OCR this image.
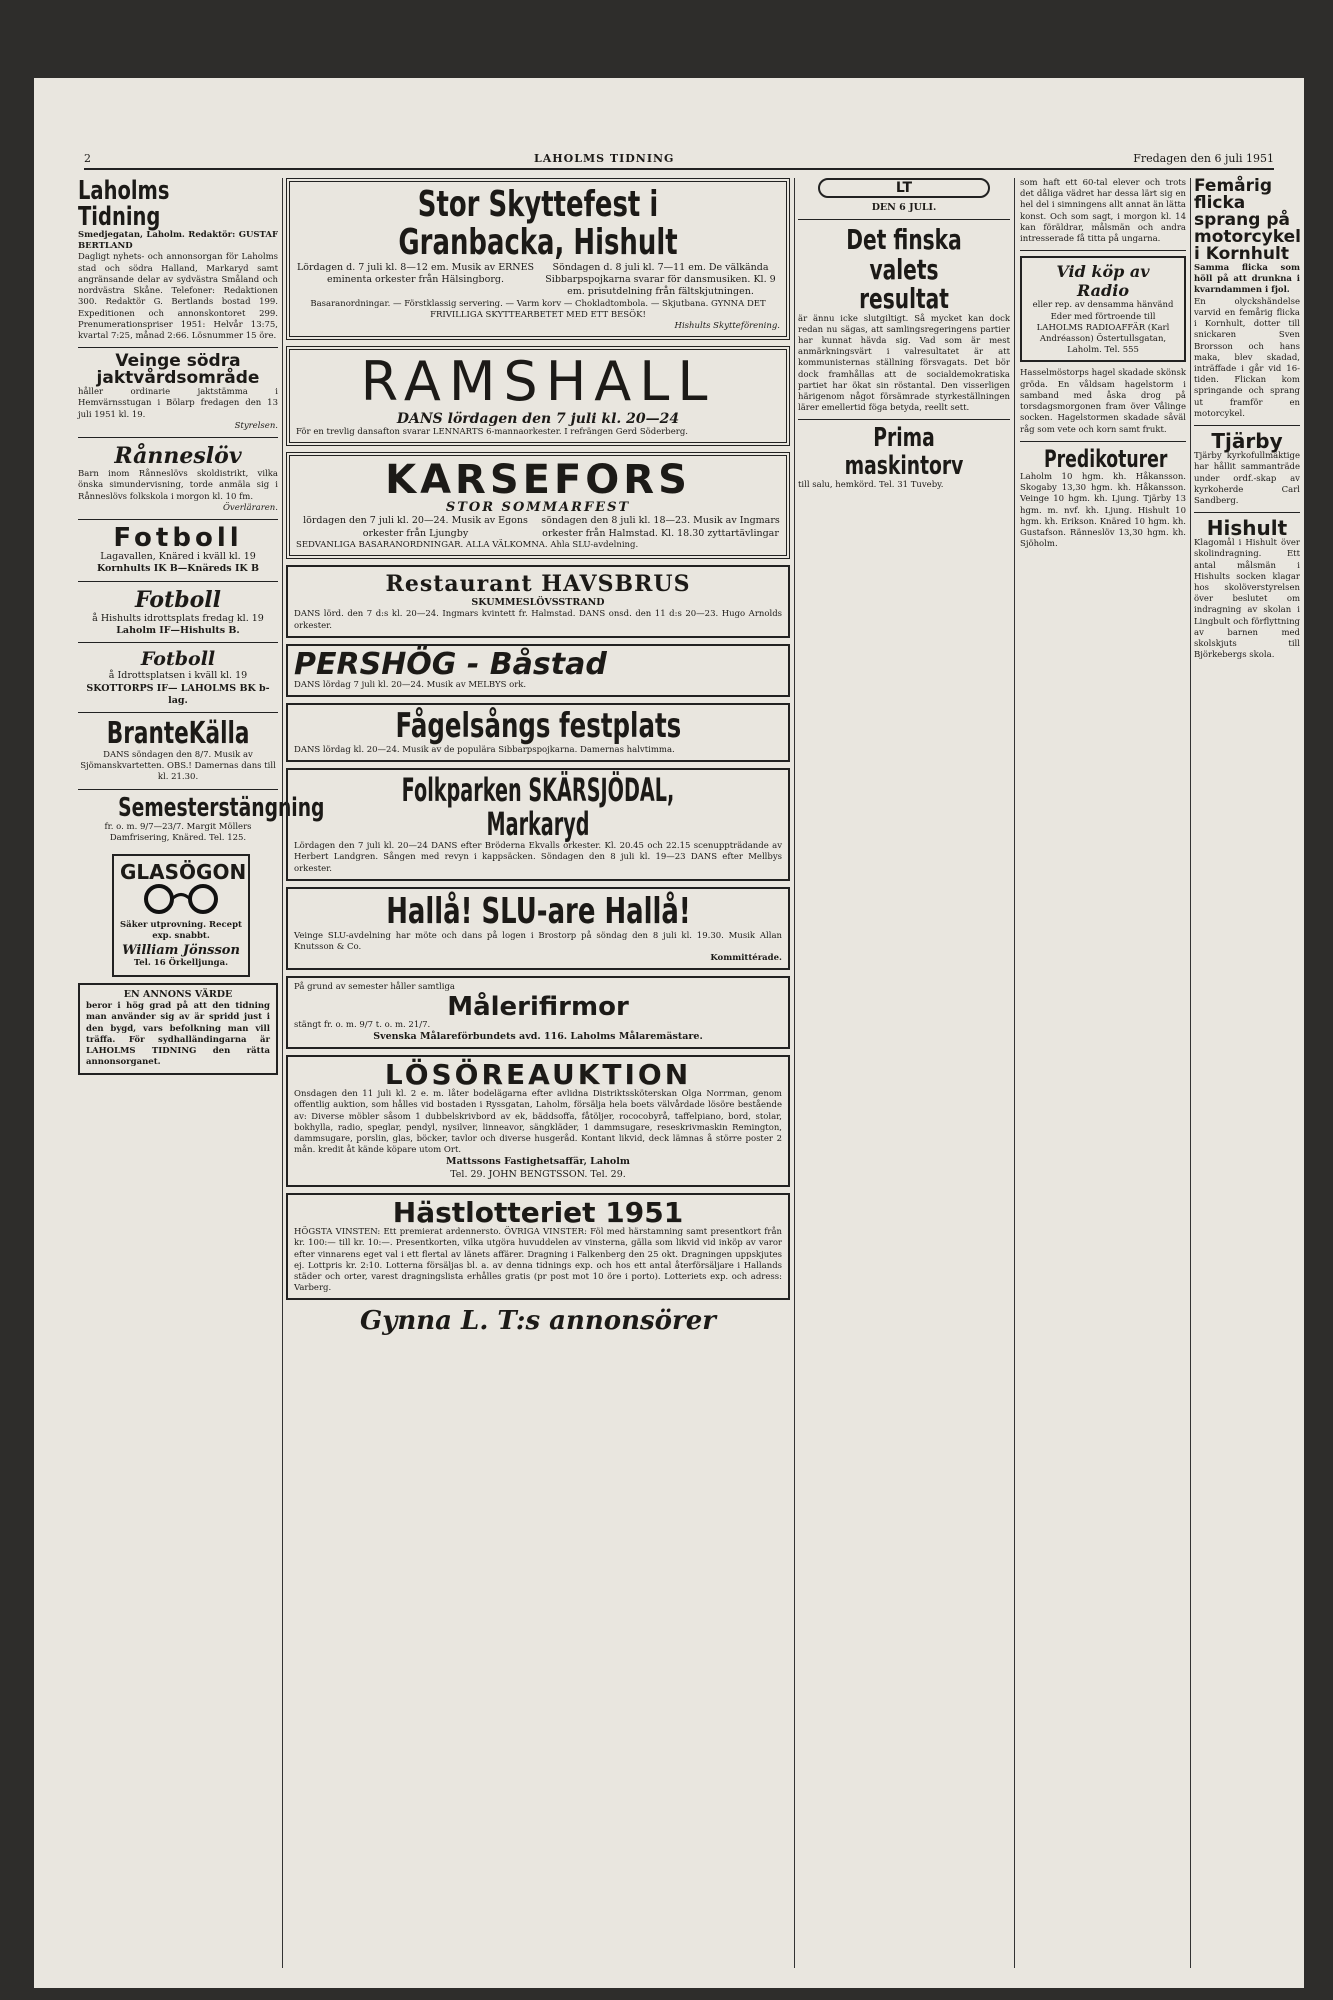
2	LAHOLMS TIDNING	Fredagen den 6 juli 1951
Laholms Tidning
Smedjegatan, Laholm. Redaktör: GUSTAF BERTLAND
Dagligt nyhets- och annonsorgan för Laholms stad och södra Halland, Markaryd samt angränsande delar av sydvästra Småland och nordvästra Skåne. Telefoner: Redaktionen 300. Redaktör G. Bertlands bostad 199. Expeditionen och annonskontoret 299. Prenumerationspriser 1951: Helvår 13:75, kvartal 7:25, månad 2:66. Lösnummer 15 öre.
Veinge södra jaktvårdsområde
håller ordinarie jaktstämma i Hemvärnsstugan i Bölarp fredagen den 13 juli 1951 kl. 19.
Styrelsen.
Rånneslöv
Barn inom Rånneslövs skoldistrikt, vilka önska simundervisning, torde anmäla sig i Rånneslövs folkskola i morgon kl. 10 fm.
Överläraren.
Fotboll
Lagavallen, Knäred i kväll kl. 19
Kornhults IK B—Knäreds IK B
Fotboll
å Hishults idrottsplats fredag kl. 19
Laholm IF—Hishults B.
Fotboll
å Idrottsplatsen i kväll kl. 19
SKOTTORPS IF— LAHOLMS BK b-lag.
BranteKälla
DANS söndagen den 8/7. Musik av Sjömanskvartetten. OBS.! Damernas dans till kl. 21.30.
Semesterstängning
fr. o. m. 9/7—23/7. Margit Möllers Damfrisering, Knäred. Tel. 125.
GLASÖGON
Säker utprovning. Recept exp. snabbt.
William Jönsson
Tel. 16 Örkelljunga.
EN ANNONS VÄRDE
beror i hög grad på att den tidning man använder sig av är spridd just i den bygd, vars befolkning man vill träffa. För sydhalländingarna är LAHOLMS TIDNING den rätta annonsorganet.
Stor Skyttefest i Granbacka, Hishult
Lördagen d. 7 juli kl. 8—12 em. Musik av ERNES eminenta orkester från Hälsingborg.
Söndagen d. 8 juli kl. 7—11 em. De välkända Sibbarpspojkarna svarar för dansmusiken. Kl. 9 em. prisutdelning från fältskjutningen.
Basaranordningar. — Förstklassig servering. — Varm korv — Chokladtombola. — Skjutbana. GYNNA DET FRIVILLIGA SKYTTEARBETET MED ETT BESÖK!
Hishults Skytteförening.
RAMSHALL
DANS lördagen den 7 juli kl. 20—24
För en trevlig dansafton svarar LENNARTS 6-mannaorkester. I refrängen Gerd Söderberg.
KARSEFORS
STOR SOMMARFEST
lördagen den 7 juli kl. 20—24. Musik av Egons orkester från Ljungby
söndagen den 8 juli kl. 18—23. Musik av Ingmars orkester från Halmstad. Kl. 18.30 zyttartävlingar
SEDVANLIGA BASARANORDNINGAR. ALLA VÄLKOMNA. Ahla SLU-avdelning.
Restaurant HAVSBRUS
SKUMMESLÖVSSTRAND
DANS lörd. den 7 d:s kl. 20—24. Ingmars kvintett fr. Halmstad. DANS onsd. den 11 d:s 20—23. Hugo Arnolds orkester.
PERSHÖG - Båstad
DANS lördag 7 juli kl. 20—24. Musik av MELBYS ork.
Fågelsångs festplats
DANS lördag kl. 20—24. Musik av de populära Sibbarpspojkarna. Damernas halvtimma.
Folkparken SKÄRSJÖDAL, Markaryd
Lördagen den 7 juli kl. 20—24 DANS efter Bröderna Ekvalls orkester. Kl. 20.45 och 22.15 scenuppträdande av Herbert Landgren. Sången med revyn i kappsäcken. Söndagen den 8 juli kl. 19—23 DANS efter Mellbys orkester.
Hallå! SLU-are Hallå!
Veinge SLU-avdelning har möte och dans på logen i Brostorp på söndag den 8 juli kl. 19.30. Musik Allan Knutsson & Co.
Kommittérade.
På grund av semester håller samtliga
Målerifirmor
stängt fr. o. m. 9/7 t. o. m. 21/7.
Svenska Målareförbundets avd. 116. Laholms Målaremästare.
LÖSÖREAUKTION
Onsdagen den 11 juli kl. 2 e. m. låter bodelägarna efter avlidna Distriktssköterskan Olga Norrman, genom offentlig auktion, som hålles vid bostaden i Ryssgatan, Laholm, försälja hela boets välvårdade lösöre bestående av: Diverse möbler såsom 1 dubbelskrivbord av ek, bäddsoffa, fåtöljer, rococobyrå, taffelpiano, bord, stolar, bokhylla, radio, speglar, pendyl, nysilver, linneavor, sängkläder, 1 dammsugare, reseskrivmaskin Remington, dammsugare, porslin, glas, böcker, tavlor och diverse husgeråd. Kontant likvid, deck lämnas å större poster 2 mån. kredit åt kände köpare utom Ort.
Mattssons Fastighetsaffär, Laholm
Tel. 29. JOHN BENGTSSON. Tel. 29.
Hästlotteriet 1951
HÖGSTA VINSTEN: Ett premierat ardennersto. ÖVRIGA VINSTER: Föl med härstamning samt presentkort från kr. 100:— till kr. 10:—. Presentkorten, vilka utgöra huvuddelen av vinsterna, gälla som likvid vid inköp av varor efter vinnarens eget val i ett flertal av länets affärer. Dragning i Falkenberg den 25 okt. Dragningen uppskjutes ej. Lottpris kr. 2:10. Lotterna försäljas bl. a. av denna tidnings exp. och hos ett antal återförsäljare i Hallands städer och orter, varest dragningslista erhålles gratis (pr post mot 10 öre i porto). Lotteriets exp. och adress: Varberg.
Gynna L. T:s annonsörer
LT
DEN 6 JULI.
Det finska valets resultat
är ännu icke slutgiltigt. Så mycket kan dock redan nu sägas, att samlingsregeringens partier har kunnat hävda sig. Vad som är mest anmärkningsvärt i valresultatet är att kommunisternas ställning försvagats. Det bör dock framhållas att de socialdemokratiska partiet har ökat sin röstantal. Den visserligen härigenom något försämrade styrkeställningen lärer emellertid föga betyda, reellt sett.
Prima maskintorv
till salu, hemkörd. Tel. 31 Tuveby.
som haft ett 60-tal elever och trots det dåliga vädret har dessa lärt sig en hel del i simningens allt annat än lätta konst. Och som sagt, i morgon kl. 14 kan föräldrar, målsmän och andra intresserade få titta på ungarna.
Vid köp av Radio
eller rep. av densamma hänvänd Eder med förtroende till LAHOLMS RADIOAFFÄR (Karl Andréasson) Östertullsgatan, Laholm. Tel. 555
Hasselmöstorps hagel skadade skönsk gröda. En våldsam hagelstorm i samband med åska drog på torsdagsmorgonen fram över Vålinge socken. Hagelstormen skadade såväl råg som vete och korn samt frukt.
Predikoturer
Laholm 10 hgm. kh. Håkansson. Skogaby 13,30 hgm. kh. Håkansson. Veinge 10 hgm. kh. Ljung. Tjärby 13 hgm. m. nvf. kh. Ljung. Hishult 10 hgm. kh. Erikson. Knäred 10 hgm. kh. Gustafson. Ränneslöv 13,30 hgm. kh. Sjöholm.
Femårig flicka sprang på motorcykel i Kornhult
Samma flicka som höll på att drunkna i kvarndammen i fjol.
En olyckshändelse varvid en femårig flicka i Kornhult, dotter till snickaren Sven Brorsson och hans maka, blev skadad, inträffade i går vid 16-tiden. Flickan kom springande och sprang ut framför en motorcykel.
Tjärby
Tjärby kyrkofullmäktige har hållit sammanträde under ordf.-skap av kyrkoherde Carl Sandberg.
Hishult
Klagomål i Hishult över skolindragning. Ett antal målsmän i Hishults socken klagar hos skolöverstyrelsen över beslutet om indragning av skolan i Lingbult och förflyttning av barnen med skolskjuts till Björkebergs skola.
